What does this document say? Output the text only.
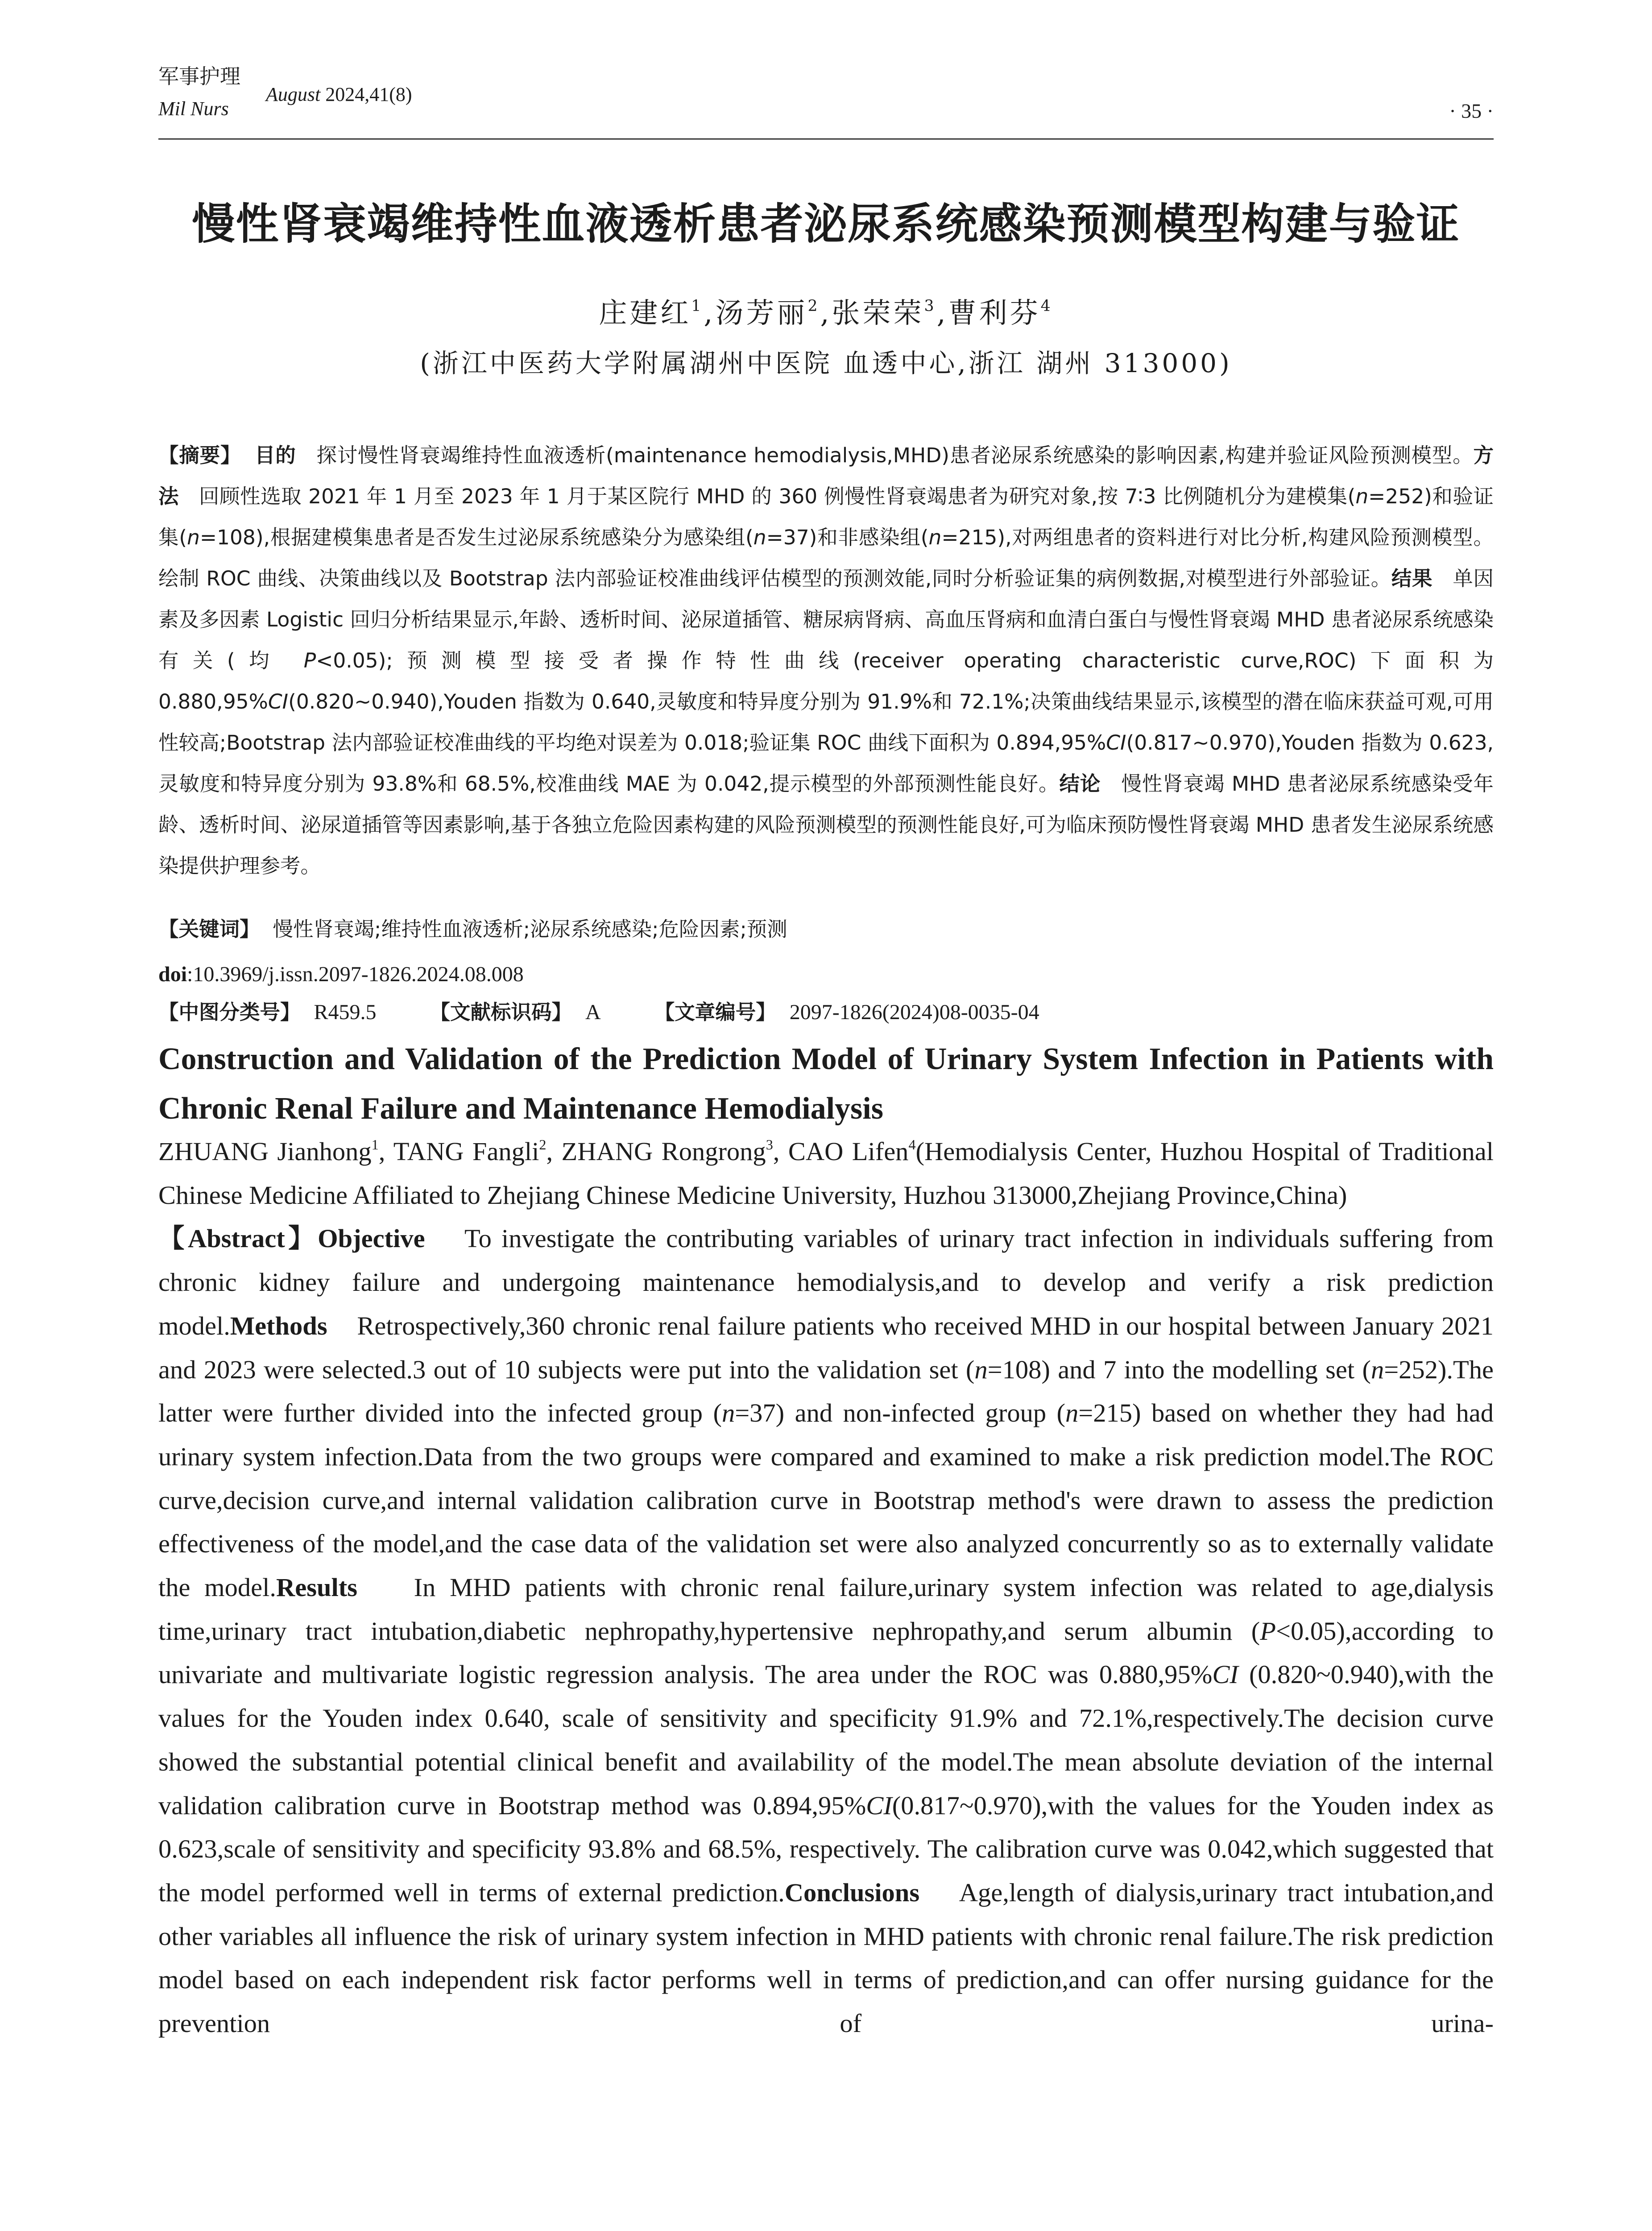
军事护理
Mil Nurs
August 2024,41(8)
· 35 ·
慢性肾衰竭维持性血液透析患者泌尿系统感染预测模型构建与验证
庄建红$^1$,汤芳丽$^2$,张荣荣$^3$,曹利芬$^4$
(浙江中医药大学附属湖州中医院 血透中心,浙江 湖州 313000)

【摘要】 目的 探讨慢性肾衰竭维持性血液透析(maintenance hemodialysis,MHD)患者泌尿系统感染的影响因素,构建并验证风险预测模型。方法 回顾性选取 2021 年 1 月至 2023 年 1 月于某区院行 MHD 的 360 例慢性肾衰竭患者为研究对象,按 7∶3 比例随机分为建模集(n=252)和验证集(n=108),根据建模集患者是否发生过泌尿系统感染分为感染组(n=37)和非感染组(n=215),对两组患者的资料进行对比分析,构建风险预测模型。绘制 ROC 曲线、决策曲线以及 Bootstrap 法内部验证校准曲线评估模型的预测效能,同时分析验证集的病例数据,对模型进行外部验证。结果 单因素及多因素 Logistic 回归分析结果显示,年龄、透析时间、泌尿道插管、糖尿病肾病、高血压肾病和血清白蛋白与慢性肾衰竭 MHD 患者泌尿系统感染有关(均 P<0.05);预测模型接受者操作特性曲线(receiver operating characteristic curve,ROC)下面积为 0.880,95%CI(0.820~0.940),Youden 指数为 0.640,灵敏度和特异度分别为 91.9%和 72.1%;决策曲线结果显示,该模型的潜在临床获益可观,可用性较高;Bootstrap 法内部验证校准曲线的平均绝对误差为 0.018;验证集 ROC 曲线下面积为 0.894,95%CI(0.817~0.970),Youden 指数为 0.623,灵敏度和特异度分别为 93.8%和 68.5%,校准曲线 MAE 为 0.042,提示模型的外部预测性能良好。结论 慢性肾衰竭 MHD 患者泌尿系统感染受年龄、透析时间、泌尿道插管等因素影响,基于各独立危险因素构建的风险预测模型的预测性能良好,可为临床预防慢性肾衰竭 MHD 患者发生泌尿系统感染提供护理参考。

【关键词】 慢性肾衰竭;维持性血液透析;泌尿系统感染;危险因素;预测
doi:10.3969/j.issn.2097-1826.2024.08.008
【中图分类号】 R459.5	【文献标识码】 A	【文章编号】 2097-1826(2024)08-0035-04
Construction and Validation of the Prediction Model of Urinary System Infection in Patients with Chronic Renal Failure and Maintenance Hemodialysis

ZHUANG Jianhong$^1$, TANG Fangli$^2$, ZHANG Rongrong$^3$, CAO Lifen$^4$(Hemodialysis Center, Huzhou Hospital of Traditional Chinese Medicine Affiliated to Zhejiang Chinese Medicine University, Huzhou 313000,Zhejiang Province,China)

【Abstract】Objective To investigate the contributing variables of urinary tract infection in individuals suffering from chronic kidney failure and undergoing maintenance hemodialysis,and to develop and verify a risk prediction model.Methods Retrospectively,360 chronic renal failure patients who received MHD in our hospital between January 2021 and 2023 were selected.3 out of 10 subjects were put into the validation set (n=108) and 7 into the modelling set (n=252).The latter were further divided into the infected group (n=37) and non-infected group (n=215) based on whether they had had urinary system infection.Data from the two groups were compared and examined to make a risk prediction model.The ROC curve,decision curve,and internal validation calibration curve in Bootstrap method's were drawn to assess the prediction effectiveness of the model,and the case data of the validation set were also analyzed concurrently so as to externally validate the model.Results In MHD patients with chronic renal failure,urinary system infection was related to age,dialysis time,urinary tract intubation,diabetic nephropathy,hypertensive nephropathy,and serum albumin (P<0.05),according to univariate and multivariate logistic regression analysis. The area under the ROC was 0.880,95%CI (0.820~0.940),with the values for the Youden index 0.640, scale of sensitivity and specificity 91.9% and 72.1%,respectively.The decision curve showed the substantial potential clinical benefit and availability of the model.The mean absolute deviation of the internal validation calibration curve in Bootstrap method was 0.894,95%CI(0.817~0.970),with the values for the Youden index as 0.623,scale of sensitivity and specificity 93.8% and 68.5%, respectively. The calibration curve was 0.042,which suggested that the model performed well in terms of external prediction.Conclusions Age,length of dialysis,urinary tract intubation,and other variables all influence the risk of urinary system infection in MHD patients with chronic renal failure.The risk prediction model based on each independent risk factor performs well in terms of prediction,and can offer nursing guidance for the prevention of urina-
